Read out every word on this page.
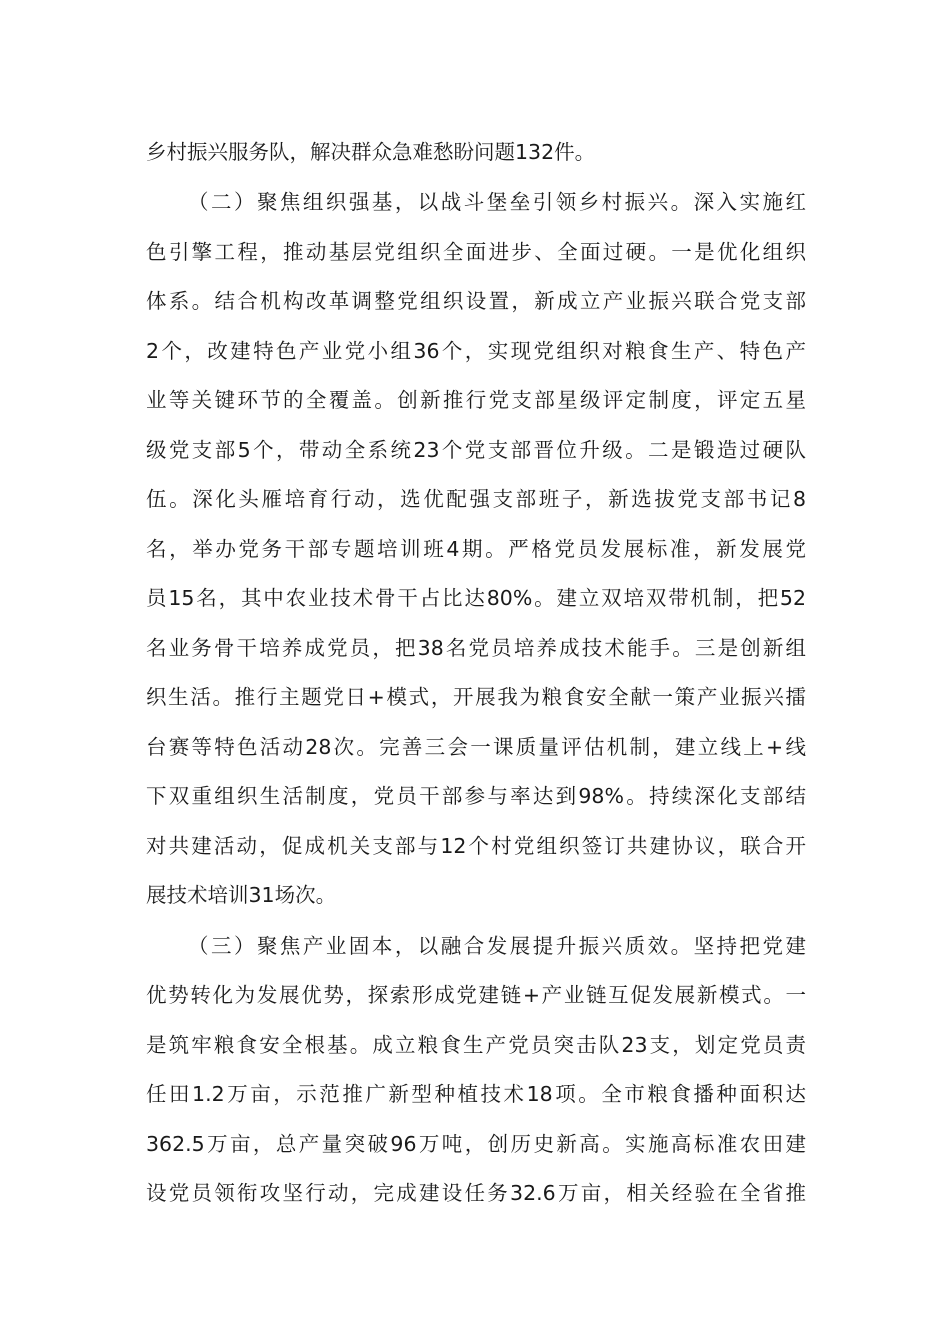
乡村振兴服务队，解决群众急难愁盼问题132件。
（二）聚焦组织强基，以战斗堡垒引领乡村振兴。深入实施红
色引擎工程，推动基层党组织全面进步、全面过硬。一是优化组织
体系。结合机构改革调整党组织设置，新成立产业振兴联合党支部
2个，改建特色产业党小组36个，实现党组织对粮食生产、特色产
业等关键环节的全覆盖。创新推行党支部星级评定制度，评定五星
级党支部5个，带动全系统23个党支部晋位升级。二是锻造过硬队
伍。深化头雁培育行动，选优配强支部班子，新选拔党支部书记8
名，举办党务干部专题培训班4期。严格党员发展标准，新发展党
员15名，其中农业技术骨干占比达80%。建立双培双带机制，把52
名业务骨干培养成党员，把38名党员培养成技术能手。三是创新组
织生活。推行主题党日+模式，开展我为粮食安全献一策产业振兴擂
台赛等特色活动28次。完善三会一课质量评估机制，建立线上+线
下双重组织生活制度，党员干部参与率达到98%。持续深化支部结
对共建活动，促成机关支部与12个村党组织签订共建协议，联合开
展技术培训31场次。
（三）聚焦产业固本，以融合发展提升振兴质效。坚持把党建
优势转化为发展优势，探索形成党建链+产业链互促发展新模式。一
是筑牢粮食安全根基。成立粮食生产党员突击队23支，划定党员责
任田1.2万亩，示范推广新型种植技术18项。全市粮食播种面积达
362.5万亩，总产量突破96万吨，创历史新高。实施高标准农田建
设党员领衔攻坚行动，完成建设任务32.6万亩，相关经验在全省推
